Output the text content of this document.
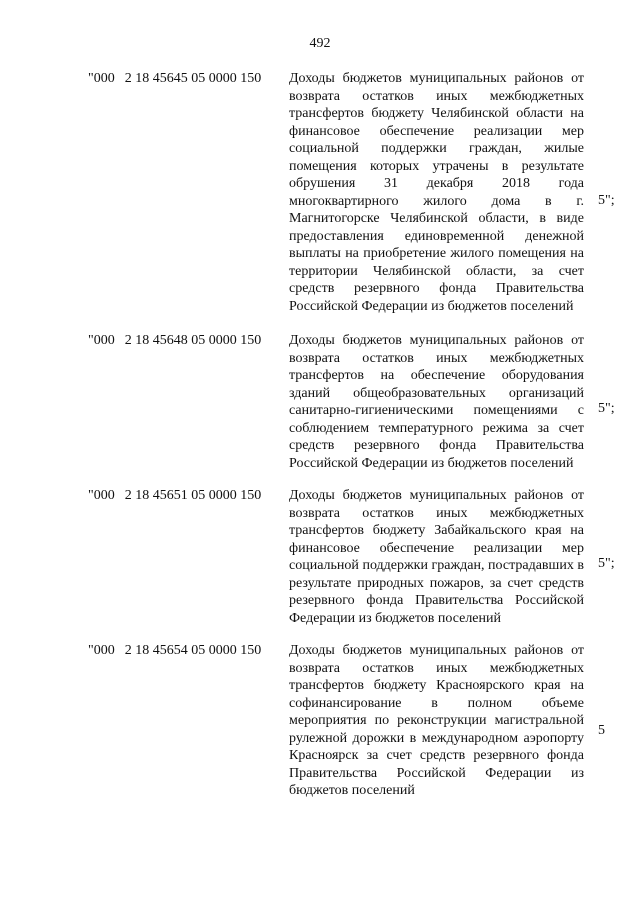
492
"000 2 18 45645 05 0000 150 Доходы бюджетов муниципальных районов от возврата остатков иных межбюджетных трансфертов бюджету Челябинской области на финансовое обеспечение реализации мер социальной поддержки граждан, жилые помещения которых утрачены в результате обрушения 31 декабря 2018 года многоквартирного жилого дома в г. Магнитогорске Челябинской области, в виде предоставления единовременной денежной выплаты на приобретение жилого помещения на территории Челябинской области, за счет средств резервного фонда Правительства Российской Федерации из бюджетов поселений
5";
"000 2 18 45648 05 0000 150 Доходы бюджетов муниципальных районов от возврата остатков иных межбюджетных трансфертов на обеспечение оборудования зданий общеобразовательных организаций санитарно-гигиеническими помещениями с соблюдением температурного режима за счет средств резервного фонда Правительства Российской Федерации из бюджетов поселений
5";
"000 2 18 45651 05 0000 150 Доходы бюджетов муниципальных районов от возврата остатков иных межбюджетных трансфертов бюджету Забайкальского края на финансовое обеспечение реализации мер социальной поддержки граждан, пострадавших в результате природных пожаров, за счет средств резервного фонда Правительства Российской Федерации из бюджетов поселений
5";
"000 2 18 45654 05 0000 150 Доходы бюджетов муниципальных районов от возврата остатков иных межбюджетных трансфертов бюджету Красноярского края на софинансирование в полном объеме мероприятия по реконструкции магистральной рулежной дорожки в международном аэропорту Красноярск за счет средств резервного фонда Правительства Российской Федерации из бюджетов поселений
5
